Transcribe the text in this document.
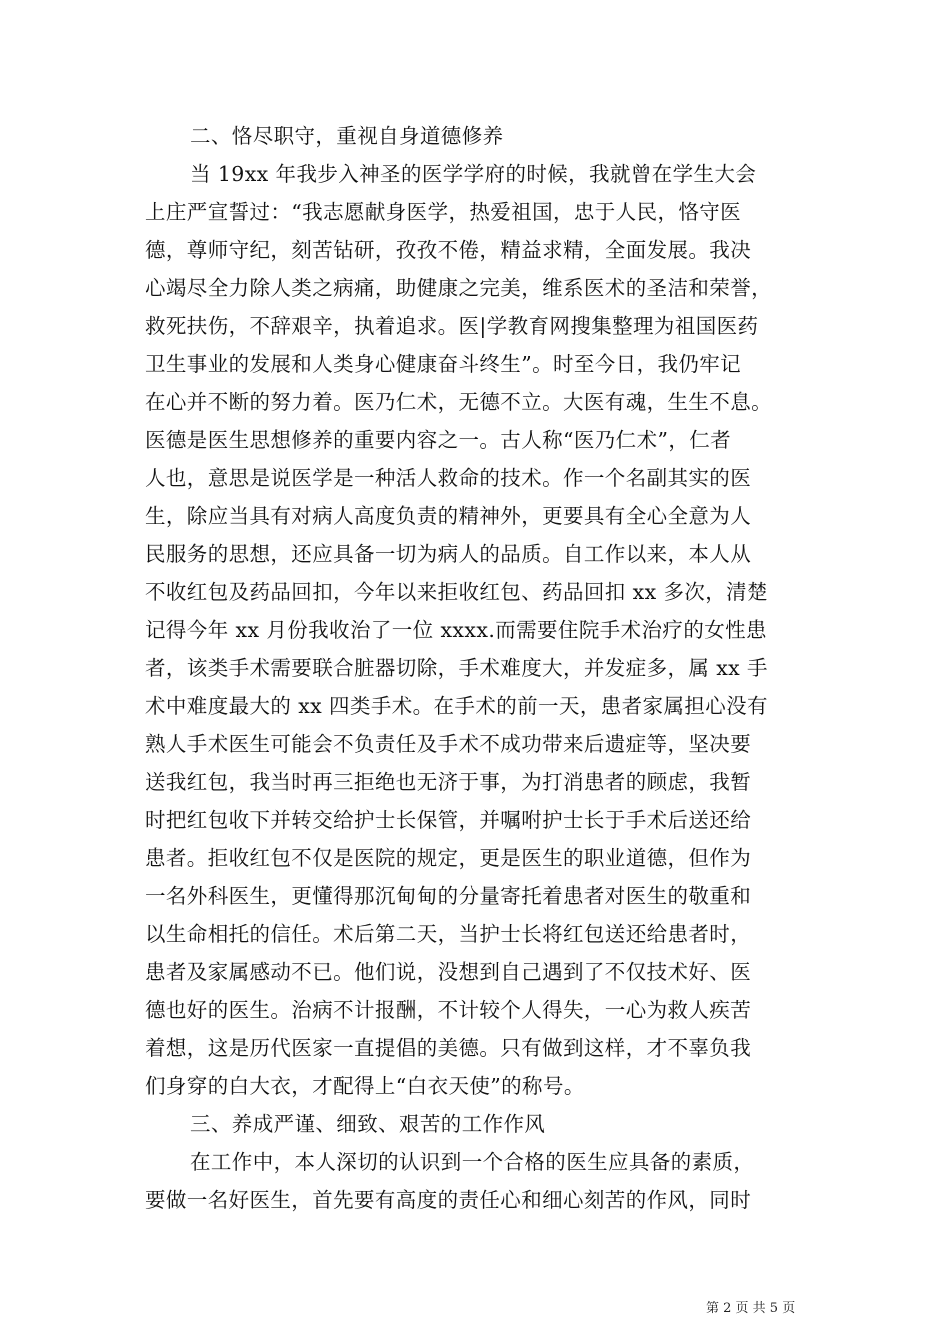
二、恪尽职守，重视自身道德修养
当 19xx 年我步入神圣的医学学府的时候，我就曾在学生大会
上庄严宣誓过：“我志愿献身医学，热爱祖国，忠于人民，恪守医
德，尊师守纪，刻苦钻研，孜孜不倦，精益求精，全面发展。我决
心竭尽全力除人类之病痛，助健康之完美，维系医术的圣洁和荣誉，
救死扶伤，不辞艰辛，执着追求。医|学教育网搜集整理为祖国医药
卫生事业的发展和人类身心健康奋斗终生”。时至今日，我仍牢记
在心并不断的努力着。医乃仁术，无德不立。大医有魂，生生不息。
医德是医生思想修养的重要内容之一。古人称“医乃仁术”，仁者
人也，意思是说医学是一种活人救命的技术。作一个名副其实的医
生，除应当具有对病人高度负责的精神外，更要具有全心全意为人
民服务的思想，还应具备一切为病人的品质。自工作以来，本人从
不收红包及药品回扣，今年以来拒收红包、药品回扣 xx 多次，清楚
记得今年 xx 月份我收治了一位 xxxx.而需要住院手术治疗的女性患
者，该类手术需要联合脏器切除，手术难度大，并发症多，属 xx 手
术中难度最大的 xx 四类手术。在手术的前一天，患者家属担心没有
熟人手术医生可能会不负责任及手术不成功带来后遗症等，坚决要
送我红包，我当时再三拒绝也无济于事，为打消患者的顾虑，我暂
时把红包收下并转交给护士长保管，并嘱咐护士长于手术后送还给
患者。拒收红包不仅是医院的规定，更是医生的职业道德，但作为
一名外科医生，更懂得那沉甸甸的分量寄托着患者对医生的敬重和
以生命相托的信任。术后第二天，当护士长将红包送还给患者时，
患者及家属感动不已。他们说，没想到自己遇到了不仅技术好、医
德也好的医生。治病不计报酬，不计较个人得失，一心为救人疾苦
着想，这是历代医家一直提倡的美德。只有做到这样，才不辜负我
们身穿的白大衣，才配得上“白衣天使”的称号。
三、养成严谨、细致、艰苦的工作作风
在工作中，本人深切的认识到一个合格的医生应具备的素质，
要做一名好医生，首先要有高度的责任心和细心刻苦的作风，同时
第 2 页 共 5 页
